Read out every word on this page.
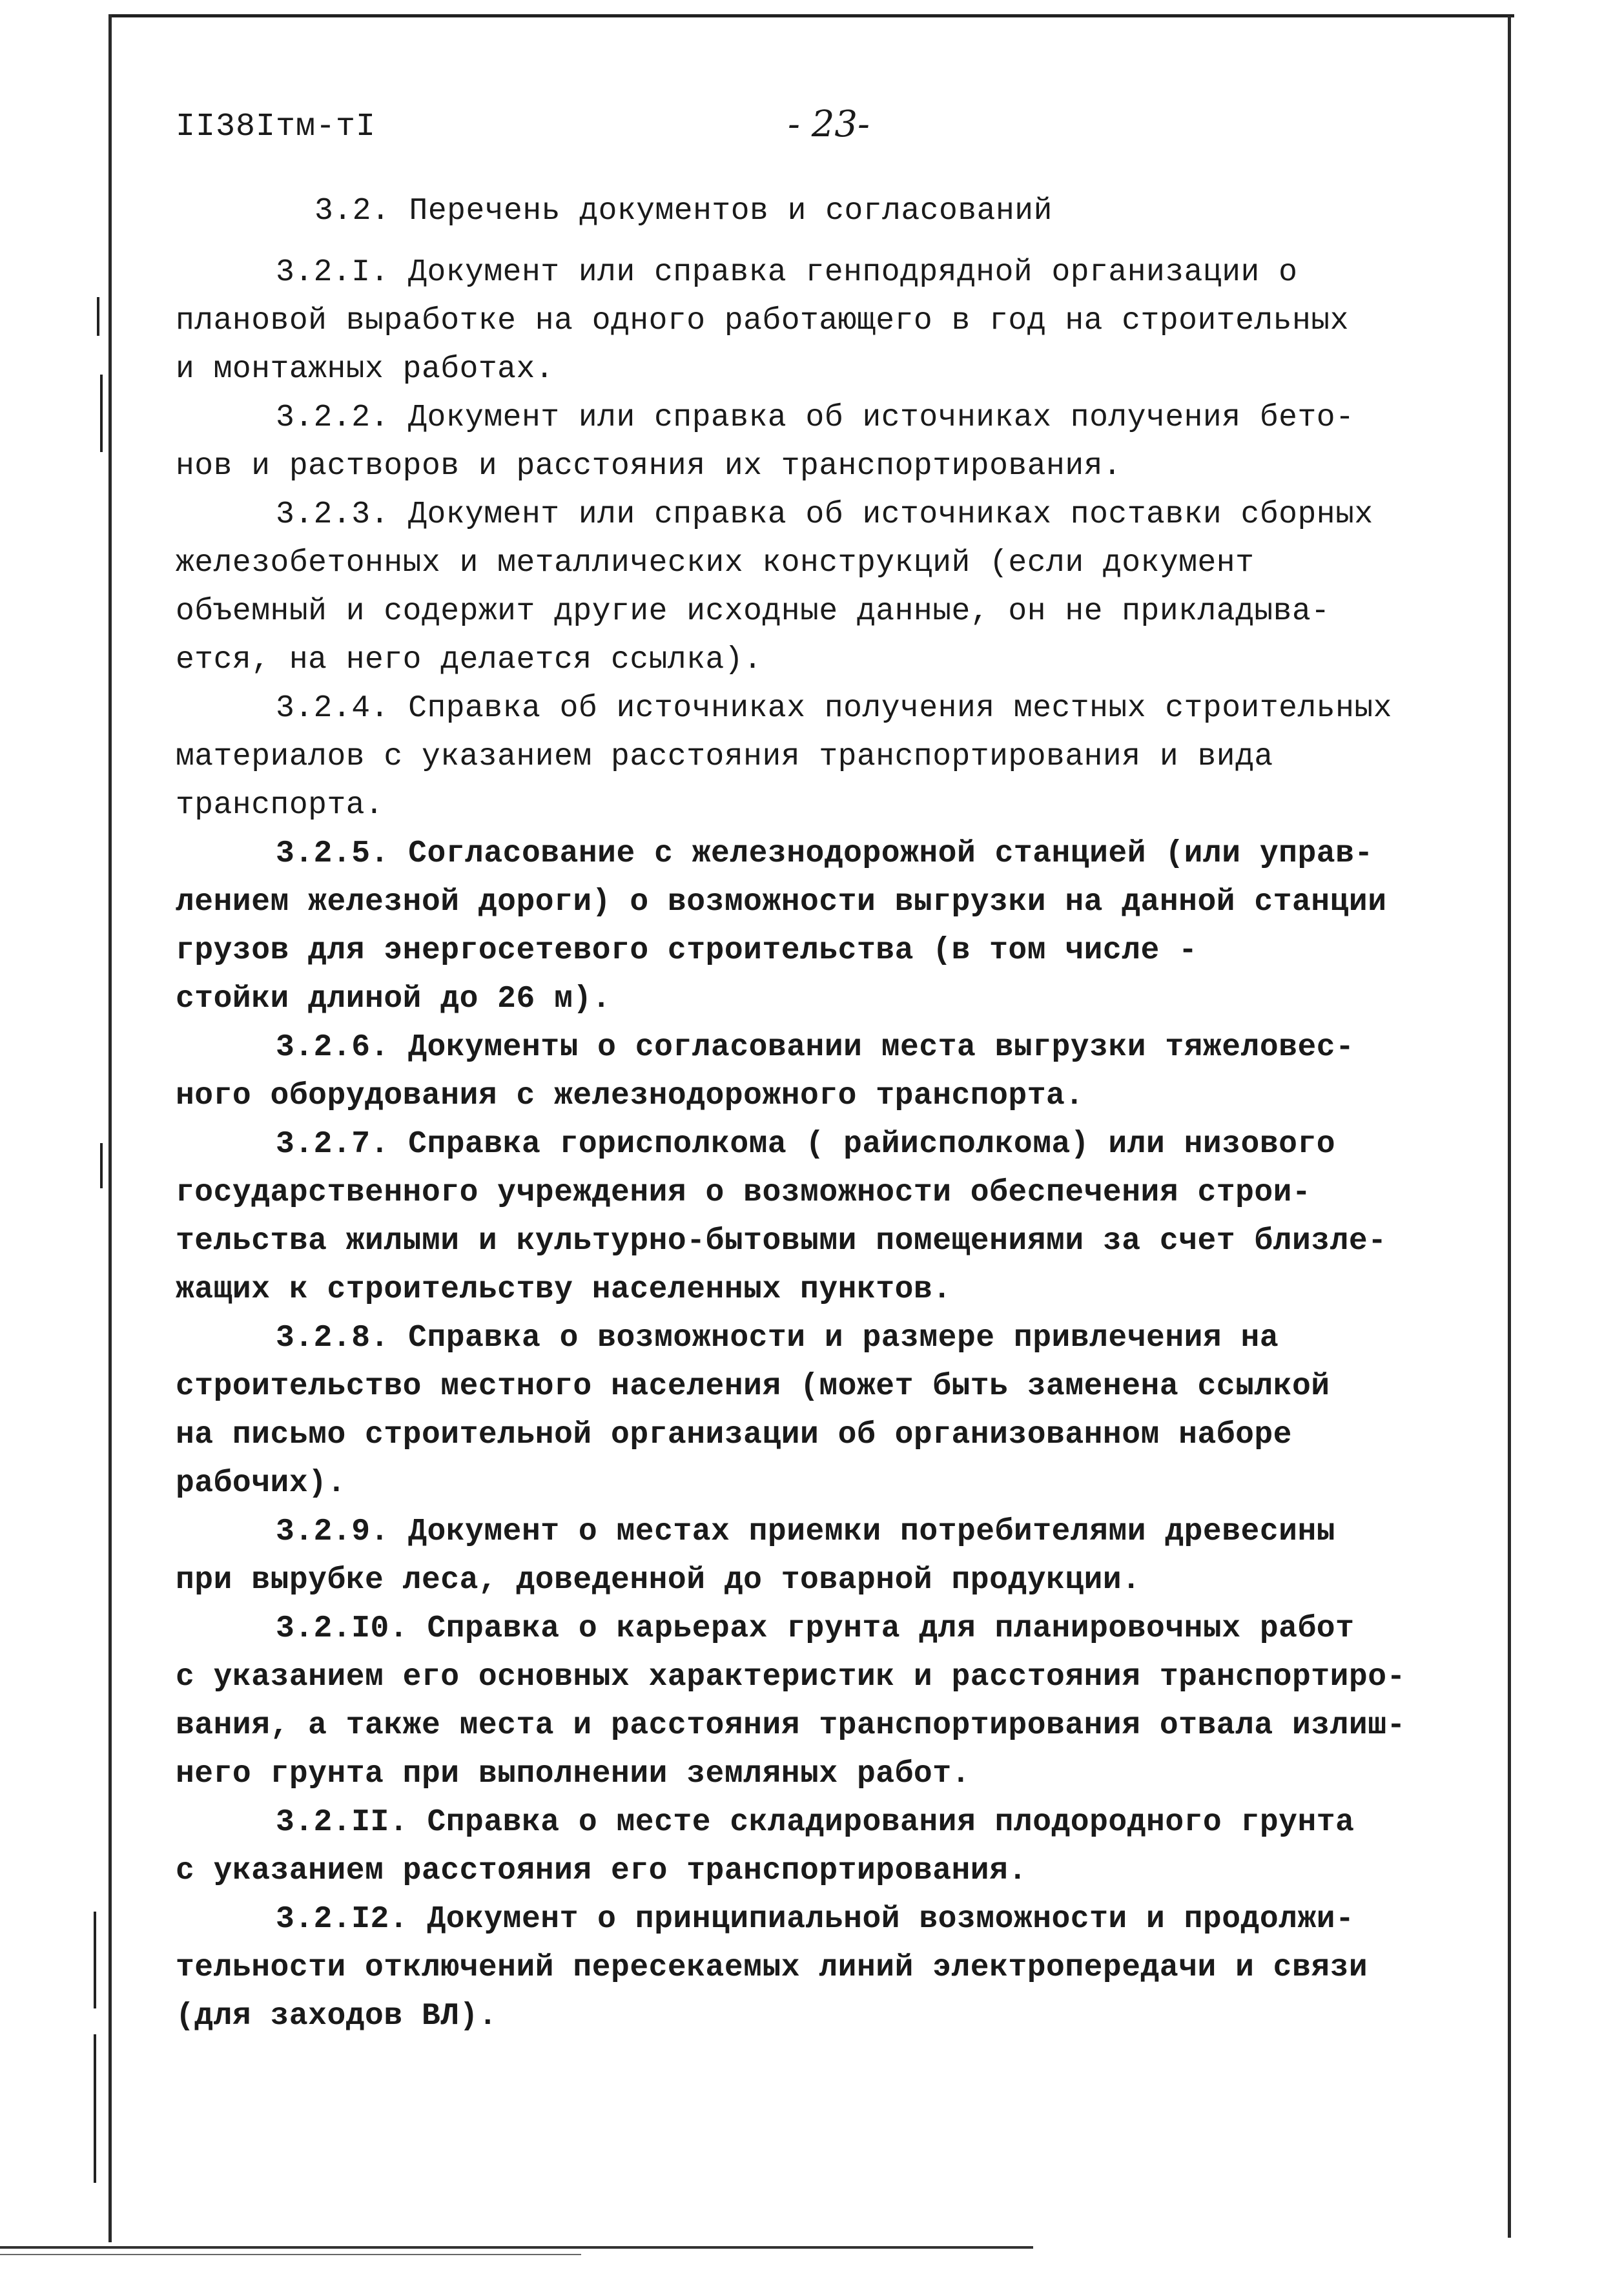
II38Iтм-тI	- 23-
3.2. Перечень документов и согласований
3.2.I. Документ или справка генподрядной организации о
плановой выработке на одного работающего в год на строительных
и монтажных работах.
3.2.2. Документ или справка об источниках получения бето-
нов и растворов и расстояния их транспортирования.
3.2.3. Документ или справка об источниках поставки сборных
железобетонных и металлических конструкций (если документ
объемный и содержит другие исходные данные, он не прикладыва-
ется, на него делается ссылка).
3.2.4. Справка об источниках получения местных строительных
материалов с указанием расстояния транспортирования и вида
транспорта.
3.2.5. Согласование с железнодорожной станцией (или управ-
лением железной дороги) о возможности выгрузки на данной станции
грузов для энергосетевого строительства (в том числе -
стойки длиной до 26 м).
3.2.6. Документы о согласовании места выгрузки тяжеловес-
ного оборудования с железнодорожного транспорта.
3.2.7. Справка горисполкома ( райисполкома) или низового
государственного учреждения о возможности обеспечения строи-
тельства жилыми и культурно-бытовыми помещениями за счет близле-
жащих к строительству населенных пунктов.
3.2.8. Справка о возможности и размере привлечения на
строительство местного населения (может быть заменена ссылкой
на письмо строительной организации об организованном наборе
рабочих).
3.2.9. Документ о местах приемки потребителями древесины
при вырубке леса, доведенной до товарной продукции.
3.2.I0. Справка о карьерах грунта для планировочных работ
с указанием его основных характеристик и расстояния транспортиро-
вания, а также места и расстояния транспортирования отвала излиш-
него грунта при выполнении земляных работ.
3.2.II. Справка о месте складирования плодородного грунта
с указанием расстояния его транспортирования.
3.2.I2. Документ о принципиальной возможности и продолжи-
тельности отключений пересекаемых линий электропередачи и связи
(для заходов ВЛ).
